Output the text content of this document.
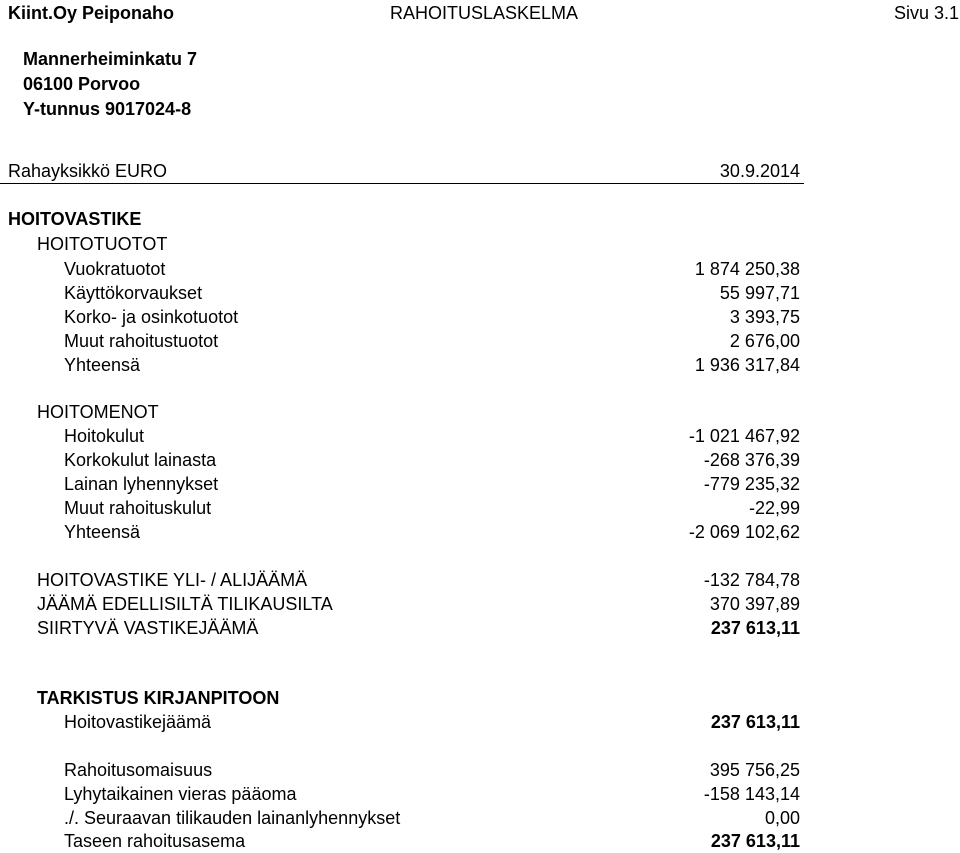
Kiint.Oy Peiponaho	RAHOITUSLASKELMA	Sivu 3.1
Mannerheiminkatu 7
06100 Porvoo
Y-tunnus 9017024-8
Rahayksikkö EURO	30.9.2014
HOITOVASTIKE
HOITOTUOTOT
Vuokratuotot	1 874 250,38
Käyttökorvaukset	55 997,71
Korko- ja osinkotuotot	3 393,75
Muut rahoitustuotot	2 676,00
Yhteensä	1 936 317,84
HOITOMENOT
Hoitokulut	-1 021 467,92
Korkokulut lainasta	-268 376,39
Lainan lyhennykset	-779 235,32
Muut rahoituskulut	-22,99
Yhteensä	-2 069 102,62
HOITOVASTIKE YLI- / ALIJÄÄMÄ	-132 784,78
JÄÄMÄ EDELLISILTÄ TILIKAUSILTA	370 397,89
SIIRTYVÄ VASTIKEJÄÄMÄ	237 613,11
TARKISTUS KIRJANPITOON
Hoitovastikejäämä	237 613,11
Rahoitusomaisuus	395 756,25
Lyhytaikainen vieras pääoma	-158 143,14
./. Seuraavan tilikauden lainanlyhennykset	0,00
Taseen rahoitusasema	237 613,11
